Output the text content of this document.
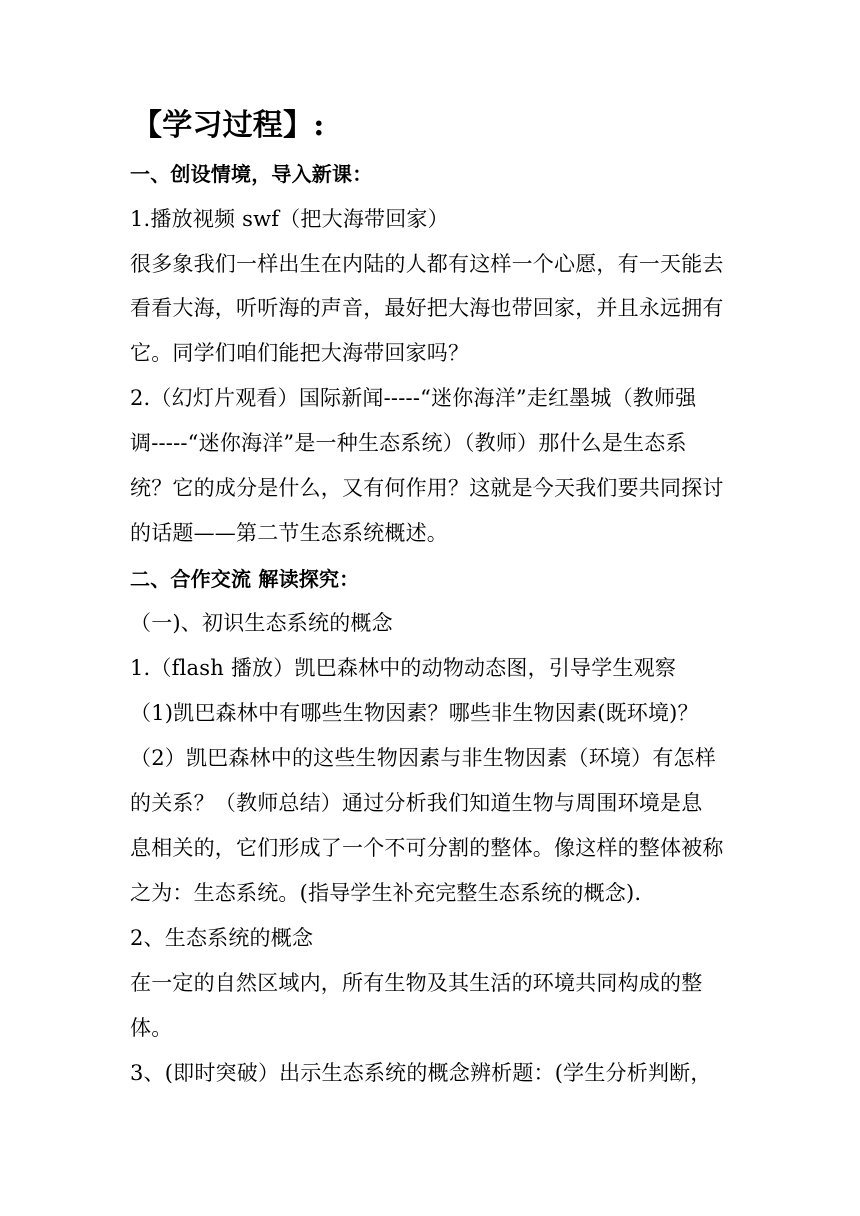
【学习过程】:
一、创设情境，导入新课：
1.播放视频 swf（把大海带回家）
很多象我们一样出生在内陆的人都有这样一个心愿，有一天能去
看看大海，听听海的声音，最好把大海也带回家，并且永远拥有
它。同学们咱们能把大海带回家吗？
2.（幻灯片观看）国际新闻-----“迷你海洋”走红墨城（教师强
调-----“迷你海洋”是一种生态系统）（教师）那什么是生态系
统？它的成分是什么，又有何作用？这就是今天我们要共同探讨
的话题——第二节生态系统概述。
二、合作交流 解读探究：
（一)、初识生态系统的概念
1.（flash 播放）凯巴森林中的动物动态图，引导学生观察
（1)凯巴森林中有哪些生物因素？哪些非生物因素(既环境)？
（2）凯巴森林中的这些生物因素与非生物因素（环境）有怎样
的关系？（教师总结）通过分析我们知道生物与周围环境是息
息相关的，它们形成了一个不可分割的整体。像这样的整体被称
之为：生态系统。(指导学生补充完整生态系统的概念).
2、生态系统的概念
在一定的自然区域内，所有生物及其生活的环境共同构成的整
体。
3、(即时突破）出示生态系统的概念辨析题：(学生分析判断，
